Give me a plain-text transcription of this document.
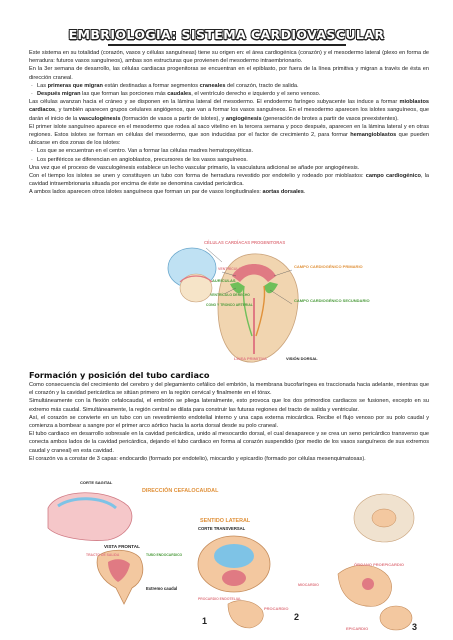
EMBRIOLOGIA: SISTEMA CARDIOVASCULAR

Este sistema en su totalidad (corazón, vasos y células sanguíneas) tiene su origen en: el área cardiogénica (corazón) y el mesodermo lateral (plexo en forma de herradura: futuros vasos sanguíneos), ambas son estructuras que provienen del mesodermo intraembrionario.

En la 3er semana de desarrollo, las células cardiacas progenitoras se encuentran en el epiblasto, por fuera de la línea primitiva y migran a través de ésta en dirección craneal.

· Las primeras que migran están destinadas a formar segmentos craneales del corazón, tracto de salida.

· Después migran las que forman las porciones más caudales, el ventrículo derecho e izquierdo y el seno venoso.

Las células avanzan hacia el cráneo y se disponen en la lámina lateral del mesodermo. El endodermo faríngeo subyacente las induce a formar mioblastos cardiacos, y también aparecen grupos celulares angiógenos, que van a formar los vasos sanguíneos. En el mesodermo aparecen los islotes sanguíneos, que darán el inicio de la vasculogénesis (formación de vasos a partir de islotes), y angiogénesis (generación de brotes a partir de vasos preexistentes).

El primer islote sanguíneo aparece en el mesodermo que rodea al saco vitelino en la tercera semana y poco después, aparecen en la lámina lateral y en otras regiones. Estos islotes se forman en células del mesodermo, que son inducidas por el factor de crecimiento 2, para formar hemangioblastos que pueden ubicarse en dos zonas de los islotes:

· Los que se encuentran en el centro. Van a formar las células madres hematopoyéticas.

· Los periféricos se diferencian en angioblastos, precursores de los vasos sanguíneos.

Una vez que el proceso de vasculogénesis establece un lecho vascular primario, la vasculatura adicional se añade por angiogénesis.

Con el tiempo los islotes se unen y constituyen un tubo con forma de herradura revestido por endotelio y rodeado por mioblastos: campo cardiogénico, la cavidad intraembrionaria situada por encima de éste se denomina cavidad pericárdica.

A ambos lados aparecen otros islotes sanguíneos que forman un par de vasos longitudinales: aortas dorsales.

CÉLULAS CARDÍACAS PROGENITORAS
VENTRÍCULO IZQUIERDO
AURÍCULAS
VENTRÍCULO DERECHO
CONO Y TRONCO ARTERIAL
CAMPO CARDIOGÉNICO PRIMARIO
CAMPO CARDIOGÉNICO SECUNDARIO
LÍNEA PRIMITIVA	VISIÓN DORSAL
Formación y posición del tubo cardiaco

Como consecuencia del crecimiento del cerebro y del plegamiento cefálico del embrión, la membrana bucofaríngea es traccionada hacia adelante, mientras que el corazón y la cavidad pericárdica se sitúan primero en la región cervical y finalmente en el tórax.

Simultáneamente con la flexión cefalocaudal, el embrión se pliega lateralmente, esto provoca que los dos primordios cardiacos se fusionen, excepto en su extremo más caudal. Simultáneamente, la región central se dilata para construir las futuras regiones del tracto de salida y ventricular.

Así, el corazón se convierte en un tubo con un revestimiento endotelial interno y una capa externa miocárdica. Recibe el flujo venoso por su polo caudal y comienza a bombear a sangre por el primer arco aórtico hacia la aorta dorsal desde su polo craneal.

El tubo cardiaco en desarrollo sobresale en la cavidad pericárdica, unido al mesocardio dorsal, el cual desaparece y se crea un seno pericárdico transverso que conecta ambos lados de la cavidad pericárdica, dejando el tubo cardiaco en forma al corazón suspendido (por medio de los vasos sanguíneos de sus extremos caudal y craneal) en esta cavidad.

El corazón va a constar de 3 capas: endocardio (formado por endotelio), miocardio y epicardio (formado por células mesenquimatosas).

CORTE SAGITAL
DIRECCIÓN CEFALOCAUDAL
VISTA FRONTAL
TRACTO DE SALIDA	TUBO ENDOCARDICO
Extremo caudal
SENTIDO LATERAL
CORTE TRANSVERSAL
PROCARDIO ENDOTELIAL
PROCARDIO
MIOCARDIO
1	2
ÓRGANO PROEPICARDIO
EPICARDIO	3
